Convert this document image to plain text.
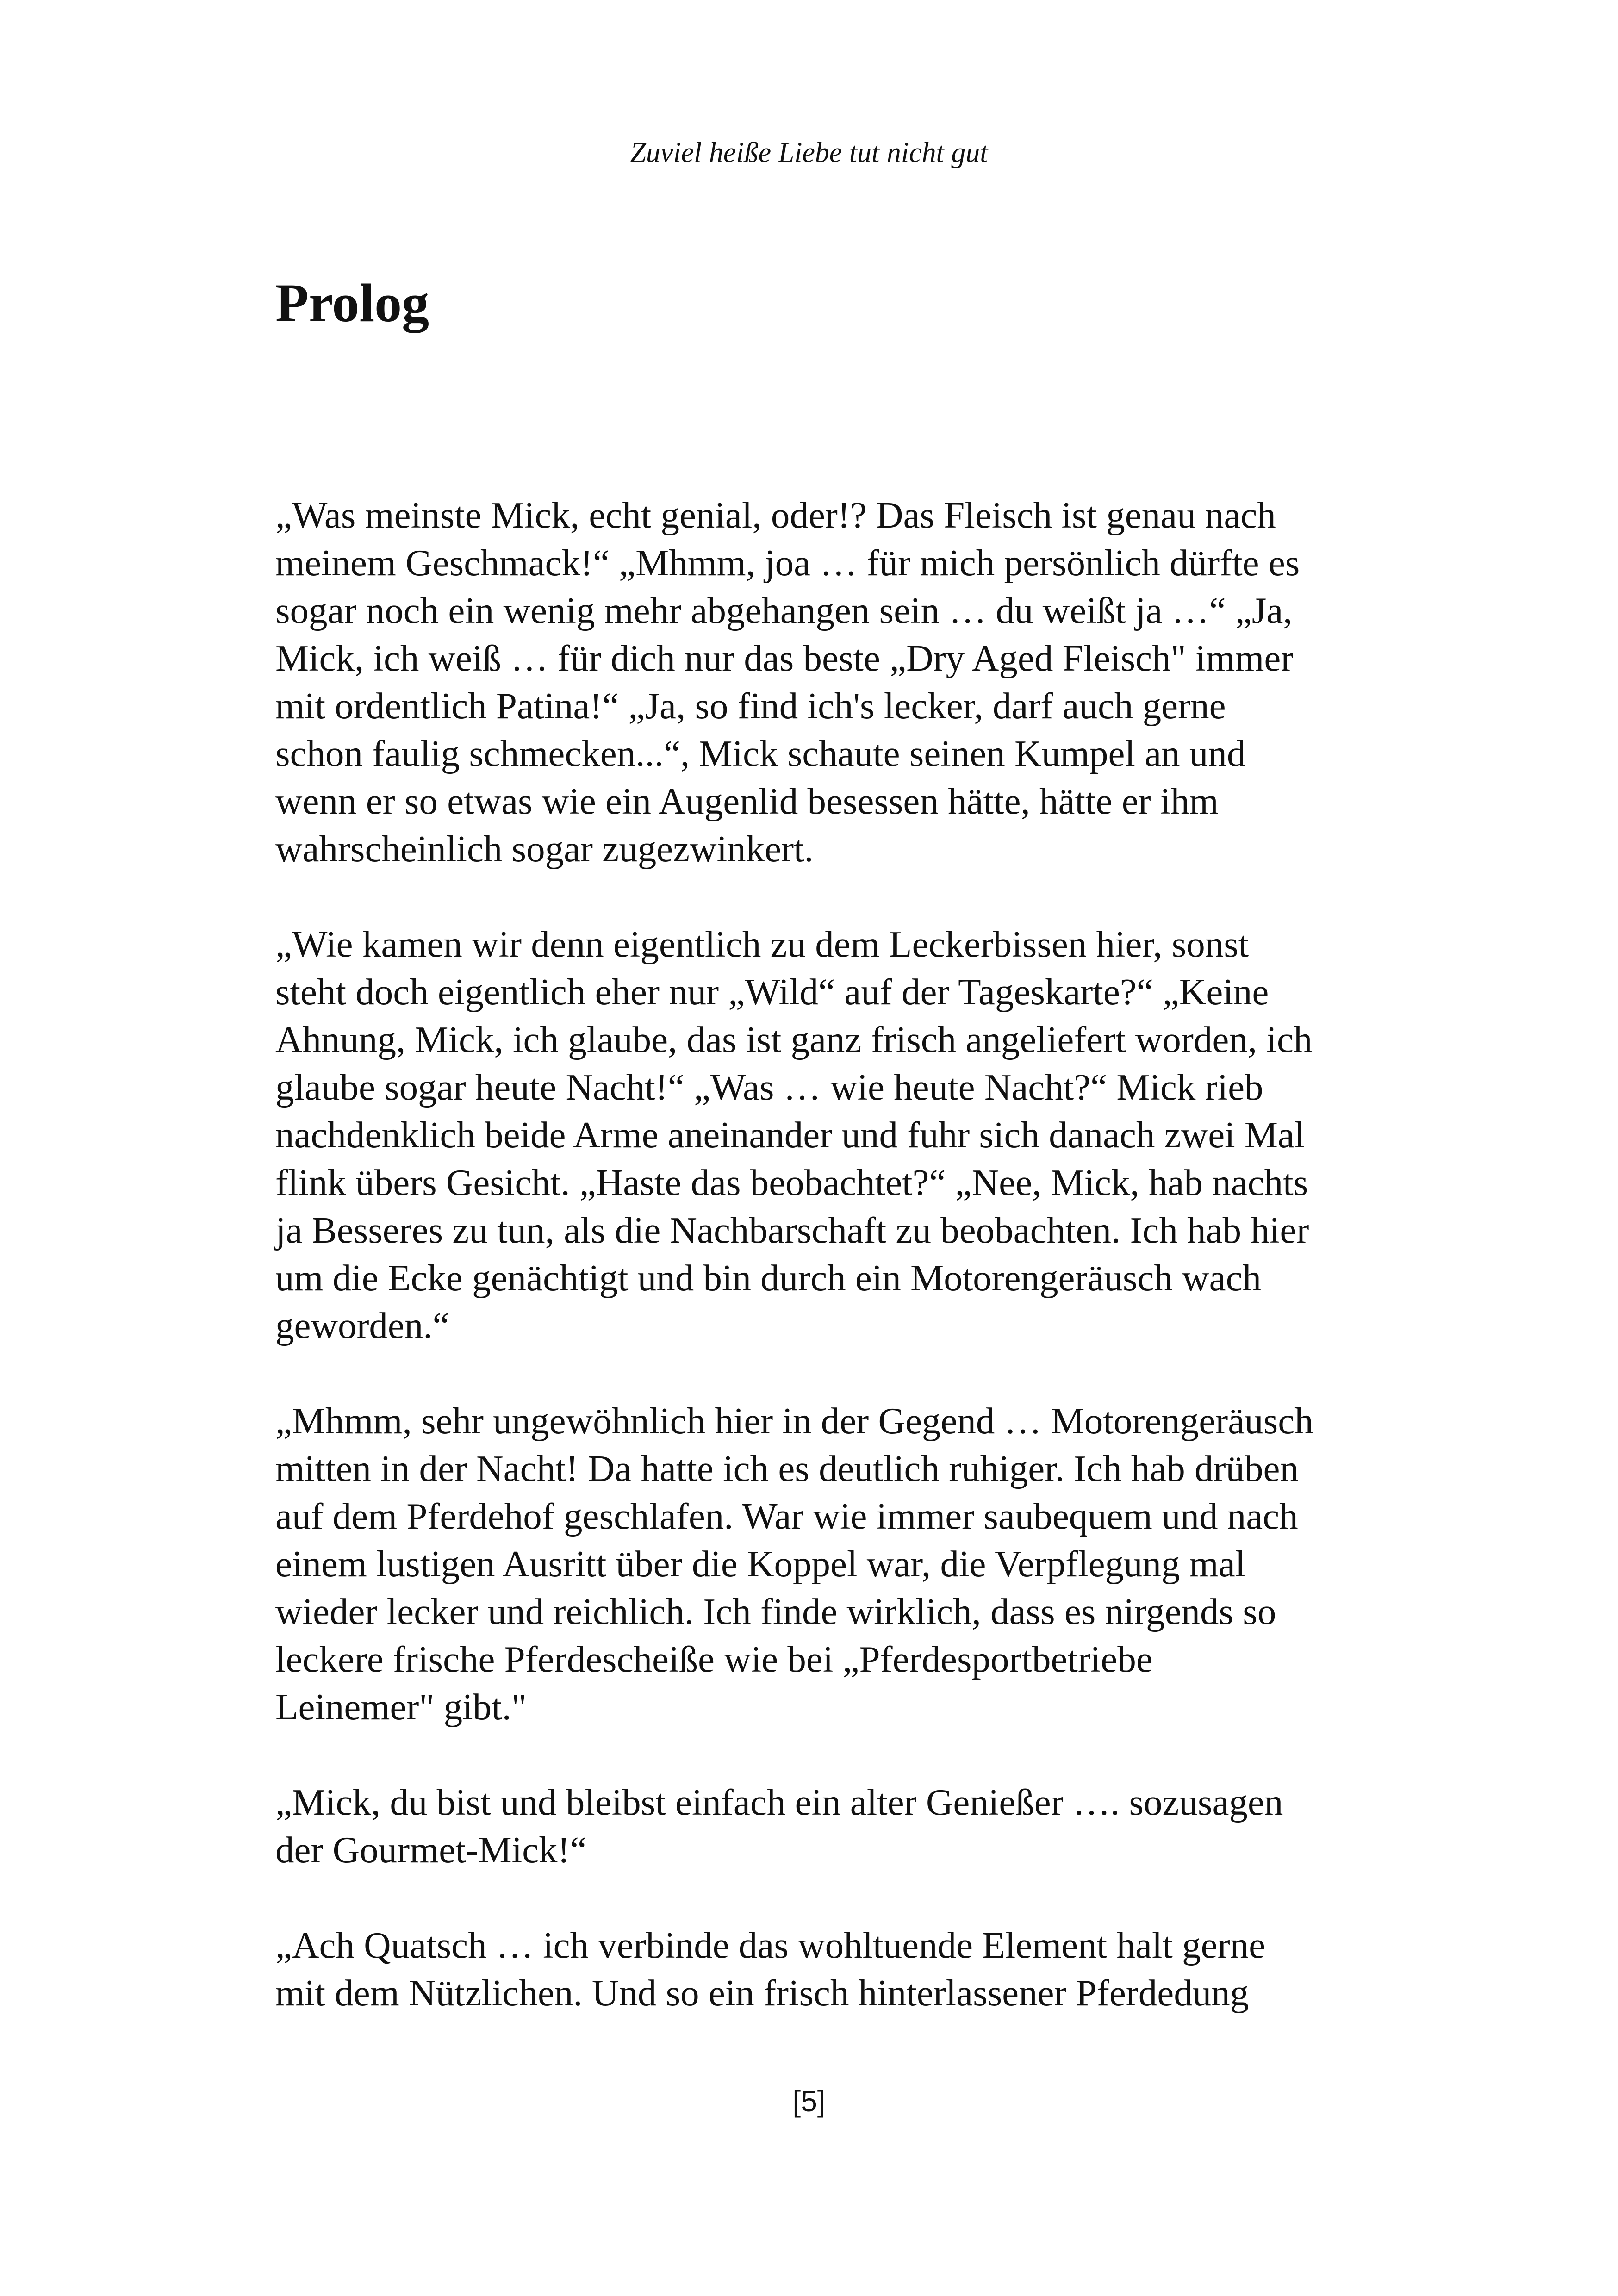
Zuviel heiße Liebe tut nicht gut
Prolog

„Was meinste Mick, echt genial, oder!? Das Fleisch ist genau nach
meinem Geschmack!“ „Mhmm, joa … für mich persönlich dürfte es
sogar noch ein wenig mehr abgehangen sein … du weißt ja …“ „Ja,
Mick, ich weiß … für dich nur das beste „Dry Aged Fleisch" immer
mit ordentlich Patina!“ „Ja, so find ich's lecker, darf auch gerne
schon faulig schmecken...“, Mick schaute seinen Kumpel an und
wenn er so etwas wie ein Augenlid besessen hätte, hätte er ihm
wahrscheinlich sogar zugezwinkert.

„Wie kamen wir denn eigentlich zu dem Leckerbissen hier, sonst
steht doch eigentlich eher nur „Wild“ auf der Tageskarte?“ „Keine
Ahnung, Mick, ich glaube, das ist ganz frisch angeliefert worden, ich
glaube sogar heute Nacht!“ „Was … wie heute Nacht?“ Mick rieb
nachdenklich beide Arme aneinander und fuhr sich danach zwei Mal
flink übers Gesicht. „Haste das beobachtet?“ „Nee, Mick, hab nachts
ja Besseres zu tun, als die Nachbarschaft zu beobachten. Ich hab hier
um die Ecke genächtigt und bin durch ein Motorengeräusch wach
geworden.“

„Mhmm, sehr ungewöhnlich hier in der Gegend … Motorengeräusch
mitten in der Nacht! Da hatte ich es deutlich ruhiger. Ich hab drüben
auf dem Pferdehof geschlafen. War wie immer saubequem und nach
einem lustigen Ausritt über die Koppel war, die Verpflegung mal
wieder lecker und reichlich. Ich finde wirklich, dass es nirgends so
leckere frische Pferdescheiße wie bei „Pferdesportbetriebe
Leinemer" gibt."

„Mick, du bist und bleibst einfach ein alter Genießer …. sozusagen
der Gourmet-Mick!“

„Ach Quatsch … ich verbinde das wohltuende Element halt gerne
mit dem Nützlichen. Und so ein frisch hinterlassener Pferdedung

[5]
